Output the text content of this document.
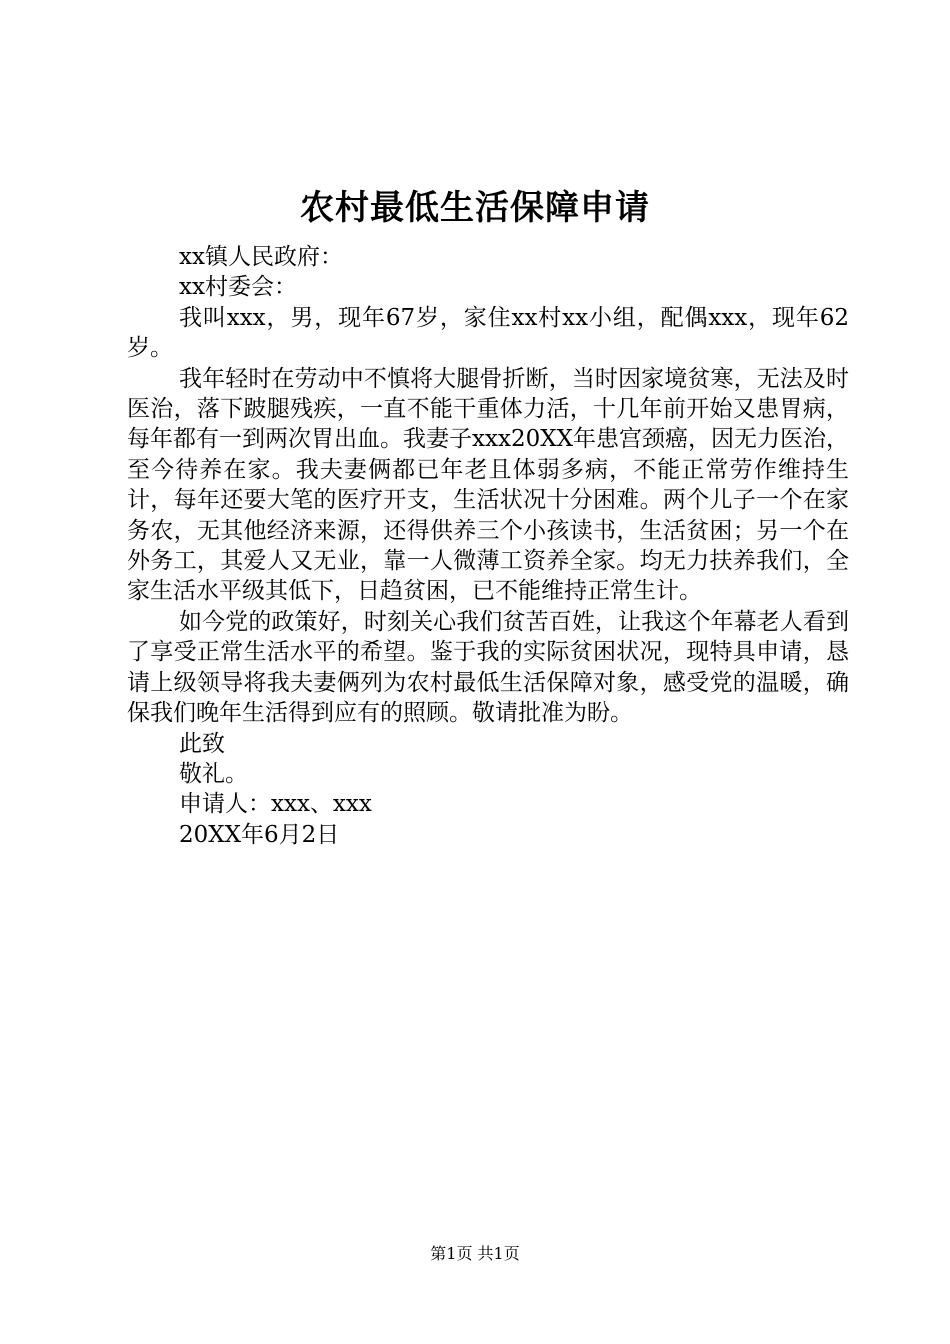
农村最低生活保障申请

xx镇人民政府：

xx村委会：

我叫xxx，男，现年67岁，家住xx村xx小组，配偶xxx，现年62岁。

我年轻时在劳动中不慎将大腿骨折断，当时因家境贫寒，无法及时医治，落下跛腿残疾，一直不能干重体力活，十几年前开始又患胃病，每年都有一到两次胃出血。我妻子xxx20XX年患宫颈癌，因无力医治，至今待养在家。我夫妻俩都已年老且体弱多病，不能正常劳作维持生计，每年还要大笔的医疗开支，生活状况十分困难。两个儿子一个在家务农，无其他经济来源，还得供养三个小孩读书，生活贫困；另一个在外务工，其爱人又无业，靠一人微薄工资养全家。均无力扶养我们，全家生活水平级其低下，日趋贫困，已不能维持正常生计。

如今党的政策好，时刻关心我们贫苦百姓，让我这个年幕老人看到了享受正常生活水平的希望。鉴于我的实际贫困状况，现特具申请，恳请上级领导将我夫妻俩列为农村最低生活保障对象，感受党的温暖，确保我们晚年生活得到应有的照顾。敬请批准为盼。

此致

敬礼。

申请人：xxx、xxx

20XX年6月2日

第1页 共1页
